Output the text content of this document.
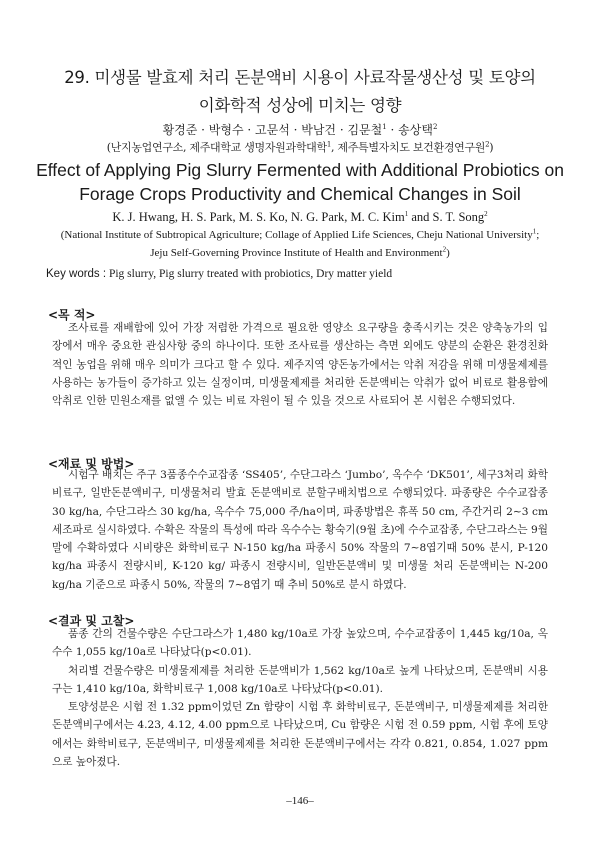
29. 미생물 발효제 처리 돈분액비 시용이 사료작물생산성 및 토양의
이화학적 성상에 미치는 영향
황경준 · 박형수 · 고문석 · 박남건 · 김문철$^1$ · 송상택$^2$
(난지농업연구소, 제주대학교 생명자원과학대학$^1$, 제주특별자치도 보건환경연구원$^2$)
Effect of Applying Pig Slurry Fermented with Additional Probiotics on
Forage Crops Productivity and Chemical Changes in Soil
K. J. Hwang, H. S. Park, M. S. Ko, N. G. Park, M. C. Kim$^1$ and S. T. Song$^2$
(National Institute of Subtropical Agriculture; Collage of Applied Life Sciences, Cheju National University$^1$;
Jeju Self-Governing Province Institute of Health and Environment$^2$)
Key words : Pig slurry, Pig slurry treated with probiotics, Dry matter yield
<목 적>

조사료를 재배함에 있어 가장 저렴한 가격으로 필요한 영양소 요구량을 충족시키는 것은 양축농가의 입장에서 매우 중요한 관심사항 중의 하나이다. 또한 조사료를 생산하는 측면 외에도 양분의 순환은 환경친화적인 농업을 위해 매우 의미가 크다고 할 수 있다. 제주지역 양돈농가에서는 악취 저감을 위해 미생물제제를 사용하는 농가들이 증가하고 있는 실정이며, 미생물제제를 처리한 돈분액비는 악취가 없어 비료로 활용함에 악취로 인한 민원소재를 없앨 수 있는 비료 자원이 될 수 있을 것으로 사료되어 본 시험은 수행되었다.

<재료 및 방법>

시험구 배치는 주구 3품종수수교잡종 ‘SS405’, 수단그라스 ‘Jumbo’, 옥수수 ‘DK501’, 세구3처리 화학비료구, 일반돈분액비구, 미생물처리 발효 돈분액비로 분할구배치법으로 수행되었다. 파종량은 수수교잡종 30 kg/ha, 수단그라스 30 kg/ha, 옥수수 75,000 주/ha이며, 파종방법은 휴폭 50 cm, 주간거리 2∼3 cm 세조파로 실시하였다. 수확은 작물의 특성에 따라 옥수수는 황숙기(9월 초)에 수수교잡종, 수단그라스는 9월 말에 수확하였다 시비량은 화학비료구 N-150 kg/ha 파종시 50% 작물의 7∼8엽기때 50% 분시, P-120 kg/ha 파종시 전량시비, K-120 kg/ 파종시 전량시비, 일반돈분액비 및 미생물 처리 돈분액비는 N-200 kg/ha 기준으로 파종시 50%, 작물의 7∼8엽기 때 추비 50%로 분시 하였다.

<결과 및 고찰>

품종 간의 건물수량은 수단그라스가 1,480 kg/10a로 가장 높았으며, 수수교잡종이 1,445 kg/10a, 옥수수 1,055 kg/10a로 나타났다(p<0.01).

처리별 건물수량은 미생물제제를 처리한 돈분액비가 1,562 kg/10a로 높게 나타났으며, 돈분액비 시용구는 1,410 kg/10a, 화학비료구 1,008 kg/10a로 나타났다(p<0.01).

토양성분은 시험 전 1.32 ppm이었던 Zn 함량이 시험 후 화학비료구, 돈분액비구, 미생물제제를 처리한 돈분액비구에서는 4.23, 4.12, 4.00 ppm으로 나타났으며, Cu 함량은 시험 전 0.59 ppm, 시험 후에 토양에서는 화학비료구, 돈분액비구, 미생물제제를 처리한 돈분액비구에서는 각각 0.821, 0.854, 1.027 ppm으로 높아졌다.

–146–
